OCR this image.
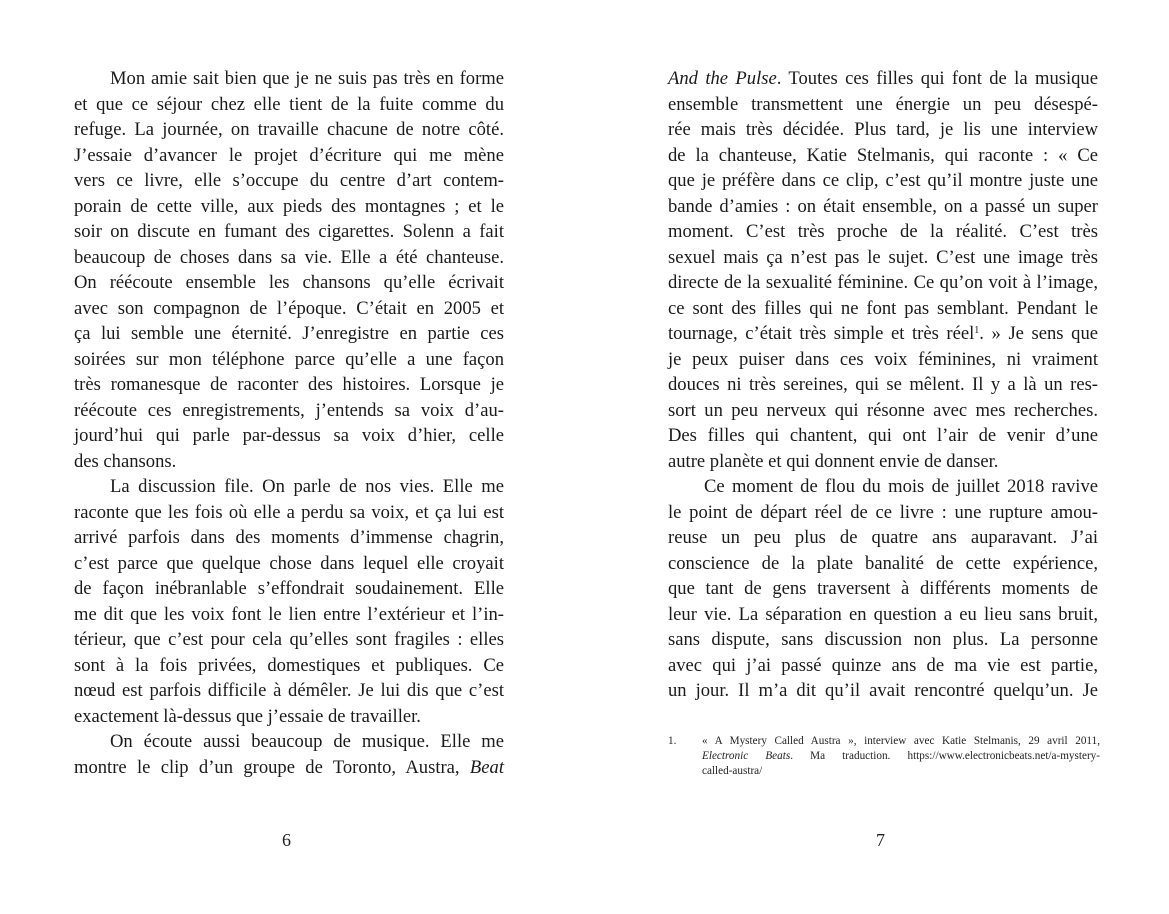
Mon amie sait bien que je ne suis pas très en forme
et que ce séjour chez elle tient de la fuite comme du
refuge. La journée, on travaille chacune de notre côté.
J’essaie d’avancer le projet d’écriture qui me mène
vers ce livre, elle s’occupe du centre d’art contem-
porain de cette ville, aux pieds des montagnes ; et le
soir on discute en fumant des cigarettes. Solenn a fait
beaucoup de choses dans sa vie. Elle a été chanteuse.
On réécoute ensemble les chansons qu’elle écrivait
avec son compagnon de l’époque. C’était en 2005 et
ça lui semble une éternité. J’enregistre en partie ces
soirées sur mon téléphone parce qu’elle a une façon
très romanesque de raconter des histoires. Lorsque je
réécoute ces enregistrements, j’entends sa voix d’au-
jourd’hui qui parle par-dessus sa voix d’hier, celle
des chansons.
La discussion file. On parle de nos vies. Elle me
raconte que les fois où elle a perdu sa voix, et ça lui est
arrivé parfois dans des moments d’immense chagrin,
c’est parce que quelque chose dans lequel elle croyait
de façon inébranlable s’effondrait soudainement. Elle
me dit que les voix font le lien entre l’extérieur et l’in-
térieur, que c’est pour cela qu’elles sont fragiles : elles
sont à la fois privées, domestiques et publiques. Ce
nœud est parfois difficile à démêler. Je lui dis que c’est
exactement là-dessus que j’essaie de travailler.
On écoute aussi beaucoup de musique. Elle me
montre le clip d’un groupe de Toronto, Austra, Beat
6
And the Pulse. Toutes ces filles qui font de la musique
ensemble transmettent une énergie un peu désespé-
rée mais très décidée. Plus tard, je lis une interview
de la chanteuse, Katie Stelmanis, qui raconte : « Ce
que je préfère dans ce clip, c’est qu’il montre juste une
bande d’amies : on était ensemble, on a passé un super
moment. C’est très proche de la réalité. C’est très
sexuel mais ça n’est pas le sujet. C’est une image très
directe de la sexualité féminine. Ce qu’on voit à l’image,
ce sont des filles qui ne font pas semblant. Pendant le
tournage, c’était très simple et très réel$^1$. » Je sens que
je peux puiser dans ces voix féminines, ni vraiment
douces ni très sereines, qui se mêlent. Il y a là un res-
sort un peu nerveux qui résonne avec mes recherches.
Des filles qui chantent, qui ont l’air de venir d’une
autre planète et qui donnent envie de danser.
Ce moment de flou du mois de juillet 2018 ravive
le point de départ réel de ce livre : une rupture amou-
reuse un peu plus de quatre ans auparavant. J’ai
conscience de la plate banalité de cette expérience,
que tant de gens traversent à différents moments de
leur vie. La séparation en question a eu lieu sans bruit,
sans dispute, sans discussion non plus. La personne
avec qui j’ai passé quinze ans de ma vie est partie,
un jour. Il m’a dit qu’il avait rencontré quelqu’un. Je
1. « A Mystery Called Austra », interview avec Katie Stelmanis, 29 avril 2011,
Electronic Beats. Ma traduction. https://www.electronicbeats.net/a-mystery-
called-austra/
7
